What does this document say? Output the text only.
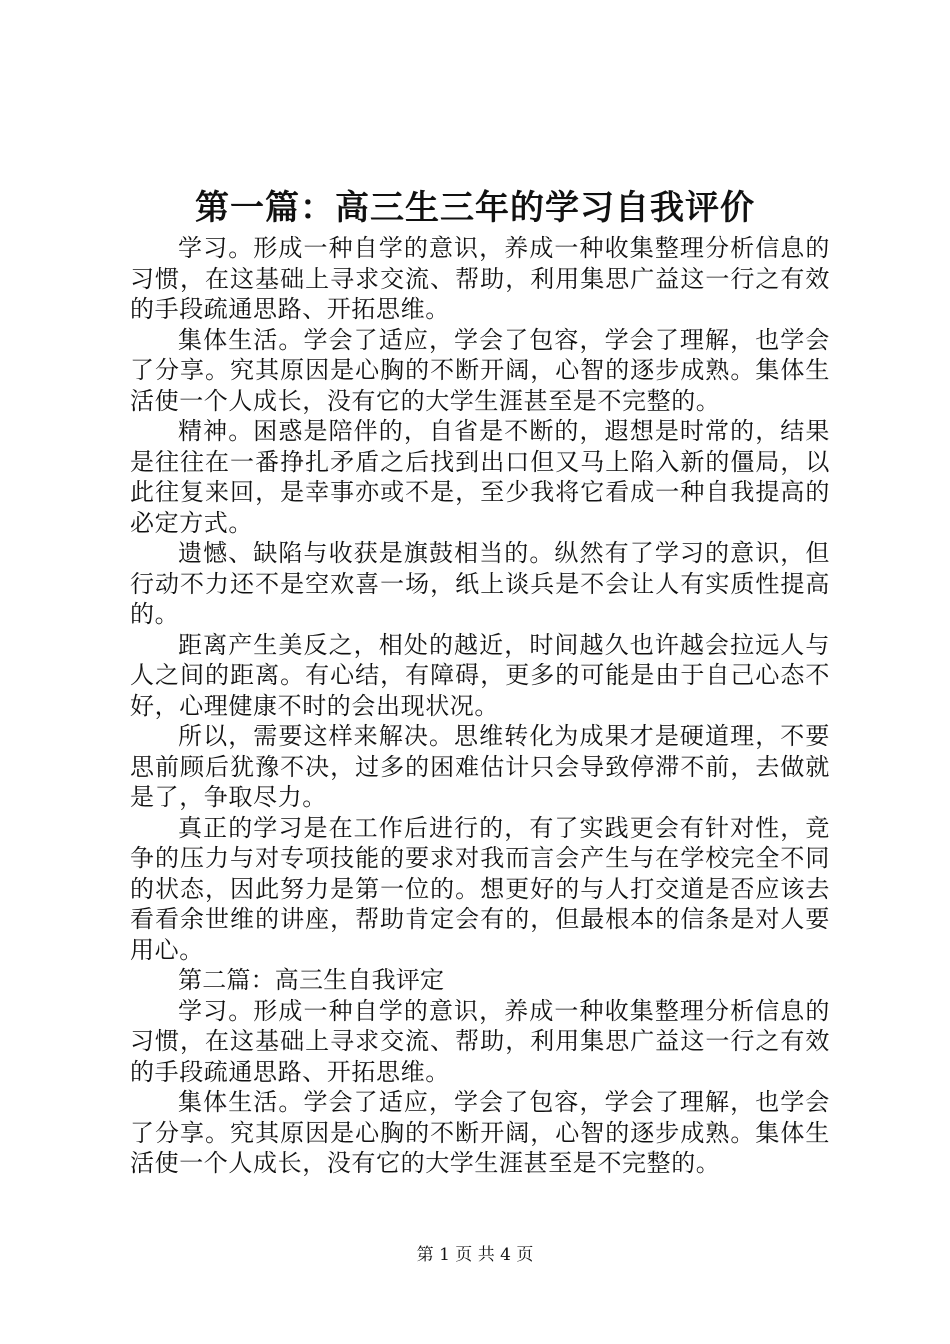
第一篇：高三生三年的学习自我评价

学习。形成一种自学的意识，养成一种收集整理分析信息的习惯，在这基础上寻求交流、帮助，利用集思广益这一行之有效的手段疏通思路、开拓思维。

集体生活。学会了适应，学会了包容，学会了理解，也学会了分享。究其原因是心胸的不断开阔，心智的逐步成熟。集体生活使一个人成长，没有它的大学生涯甚至是不完整的。

精神。困惑是陪伴的，自省是不断的，遐想是时常的，结果是往往在一番挣扎矛盾之后找到出口但又马上陷入新的僵局，以此往复来回，是幸事亦或不是，至少我将它看成一种自我提高的必定方式。

遗憾、缺陷与收获是旗鼓相当的。纵然有了学习的意识，但行动不力还不是空欢喜一场，纸上谈兵是不会让人有实质性提高的。

距离产生美反之，相处的越近，时间越久也许越会拉远人与人之间的距离。有心结，有障碍，更多的可能是由于自己心态不好，心理健康不时的会出现状况。

所以，需要这样来解决。思维转化为成果才是硬道理，不要思前顾后犹豫不决，过多的困难估计只会导致停滞不前，去做就是了，争取尽力。

真正的学习是在工作后进行的，有了实践更会有针对性，竞争的压力与对专项技能的要求对我而言会产生与在学校完全不同的状态，因此努力是第一位的。想更好的与人打交道是否应该去看看余世维的讲座，帮助肯定会有的，但最根本的信条是对人要用心。

第二篇：高三生自我评定

学习。形成一种自学的意识，养成一种收集整理分析信息的习惯，在这基础上寻求交流、帮助，利用集思广益这一行之有效的手段疏通思路、开拓思维。

集体生活。学会了适应，学会了包容，学会了理解，也学会了分享。究其原因是心胸的不断开阔，心智的逐步成熟。集体生活使一个人成长，没有它的大学生涯甚至是不完整的。

第 1 页 共 4 页
